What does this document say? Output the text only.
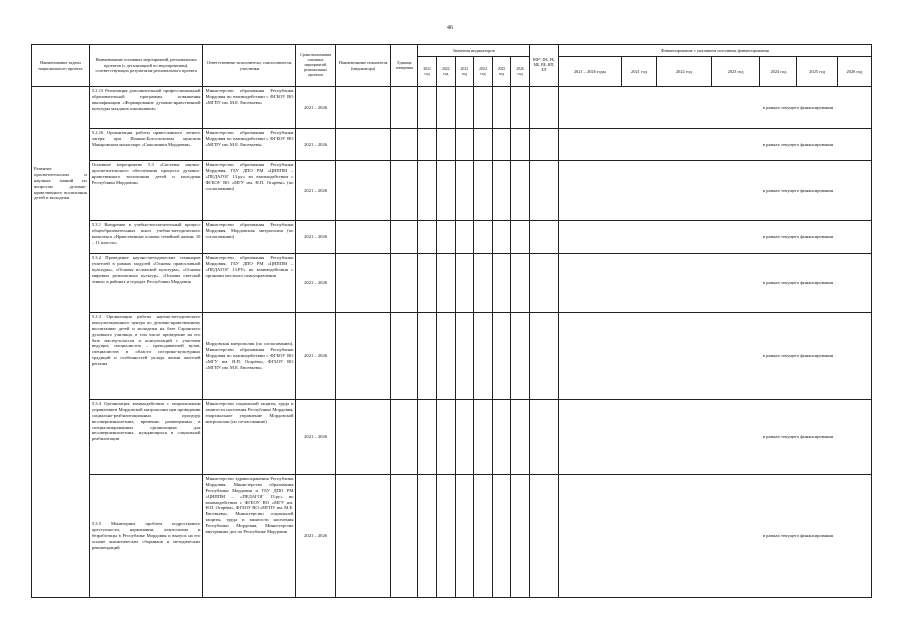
46
Наименование задачи национального проекта	Наименование основных мероприятий, региональных проектов (с детализацией по мероприятиям), соответствующих результатам регионального проекта	Ответственные исполнители, соисполнители, участники	Сроки выполнения основных мероприятий, региональных проектов	Наименование показателя (индикатора)	Единица измерения	Значения индикаторов						НФ*: ФБ, РБ, МБ, ВБ, ИП, ЕЛ	Финансирование с указанием источника финансирования						
						2021 год	2022 год	2023 год	2024 год	2025 год	2026 год		2021 – 2026 годы	2021 год	2022 год	2023 год	2024 год	2025 год	2026 год

Развитие просветительских и научных знаний по вопросам духовно-нравственного воспитания детей и молодежи	5.2.15 Реализация дополнительной профессиональной образовательной программы повышения квалификации «Формирование духовно-нравственной культуры младших школьников»	Министерство образования Республики Мордовия во взаимодействии с ФГБОУ ВО «МГПУ им. М.Е. Евсевьева»	2021 – 2026										в рамках текущего финансирования						
	5.2.16 Организация работы православного летнего лагеря при Иоанно-Богословском мужском Макаровском монастыре «Сокольчики Мордовии»	Министерство образования Республики Мордовия во взаимодействии с ФГБОУ ВО «МГПУ им. М.Е. Евсевьева»	2021 – 2026										в рамках текущего финансирования						
	Основное мероприятие 5.3 «Системы научно-просветительского обеспечения процесса духовно-нравственного воспитания детей и молодежи Республики Мордовия»	Министерство образования Республики Мордовия, ГБУ ДПО РМ «ЦНППМ – «ПЕДАГОГ 13.ру» во взаимодействии с ФГБОУ ВО «МГУ им. Н.П. Огарёва» (по согласованию)	2021 – 2026										в рамках текущего финансирования						
	5.3.1 Внедрение в учебно-воспитательный процесс общеобразовательных школ учебно-методического комплекса «Нравственные основы семейной жизни; 10 – 11 классы»	Министерство образования Республики Мордовия, Мордовская митрополия (по согласованию)	2021 – 2026										в рамках текущего финансирования						
	5.3.2 Проведение научно-методических семинаров учителей в рамках модулей «Основы православной культуры», «Основы исламской культуры», «Основы мировых религиозных культур», «Основы светской этики» в районах и городах Республики Мордовия	Министерство образования Республики Мордовия, ГБУ ДПО РМ «ЦНППМ – «ПЕДАГОГ 13.РУ» во взаимодействии с органами местного самоуправления	2021 – 2026										в рамках текущего финансирования						
	5.3.3 Организация работы научно-методического консультационного центра по духовно-нравственному воспитанию детей и молодежи на базе Саранского духовного училища, в том числе проведение на его базе мастер-классов и консультаций с участием ведущих специалистов – преподавателей вузов, специалистов в области историко-культурных традиций и особенностей уклада жизни жителей региона	Мордовская митрополия (по согласованию), Министерство образования Республики Мордовия во взаимодействии с ФГБОУ ВО «МГУ им. Н.П. Огарёва», ФГБОУ ВО «МГПУ им. М.Е. Евсевьева»	2021 – 2026										в рамках текущего финансирования						
	5.3.4 Организация взаимодействия с епархиальным управлением Мордовской митрополии при проведении социально-реабилитационных процедур несовершеннолетних, временно размещенных в специализированных организациях для несовершеннолетних, нуждающихся в социальной реабилитации	Министерство социальной защиты, труда и занятости населения Республики Мордовия, епархиальное управление Мордовской митрополии (по согласованию)	2021 – 2026										в рамках текущего финансирования						
	5.3.5 Мониторинг проблем подросткового преступности, наркомании, алкоголизма и безработицы в Республике Мордовия и выпуск на его основе аналитических сборников и методических рекомендаций	Министерство здравоохранения Республики Мордовия, Министерство образования Республики Мордовия и ГБУ ДПО РМ «ЦНППМ – «ПЕДАГОГ 13.ру» во взаимодействии с ФГБОУ ВО «МГУ им. Н.П. Огарёва», ФГБОУ ВО «МГПУ им. М.Е. Евсевьева», Министерство социальной защиты, труда и занятости населения Республики Мордовия, Министерство внутренних дел по Республике Мордовия	2021 – 2026										в рамках текущего финансирования						
